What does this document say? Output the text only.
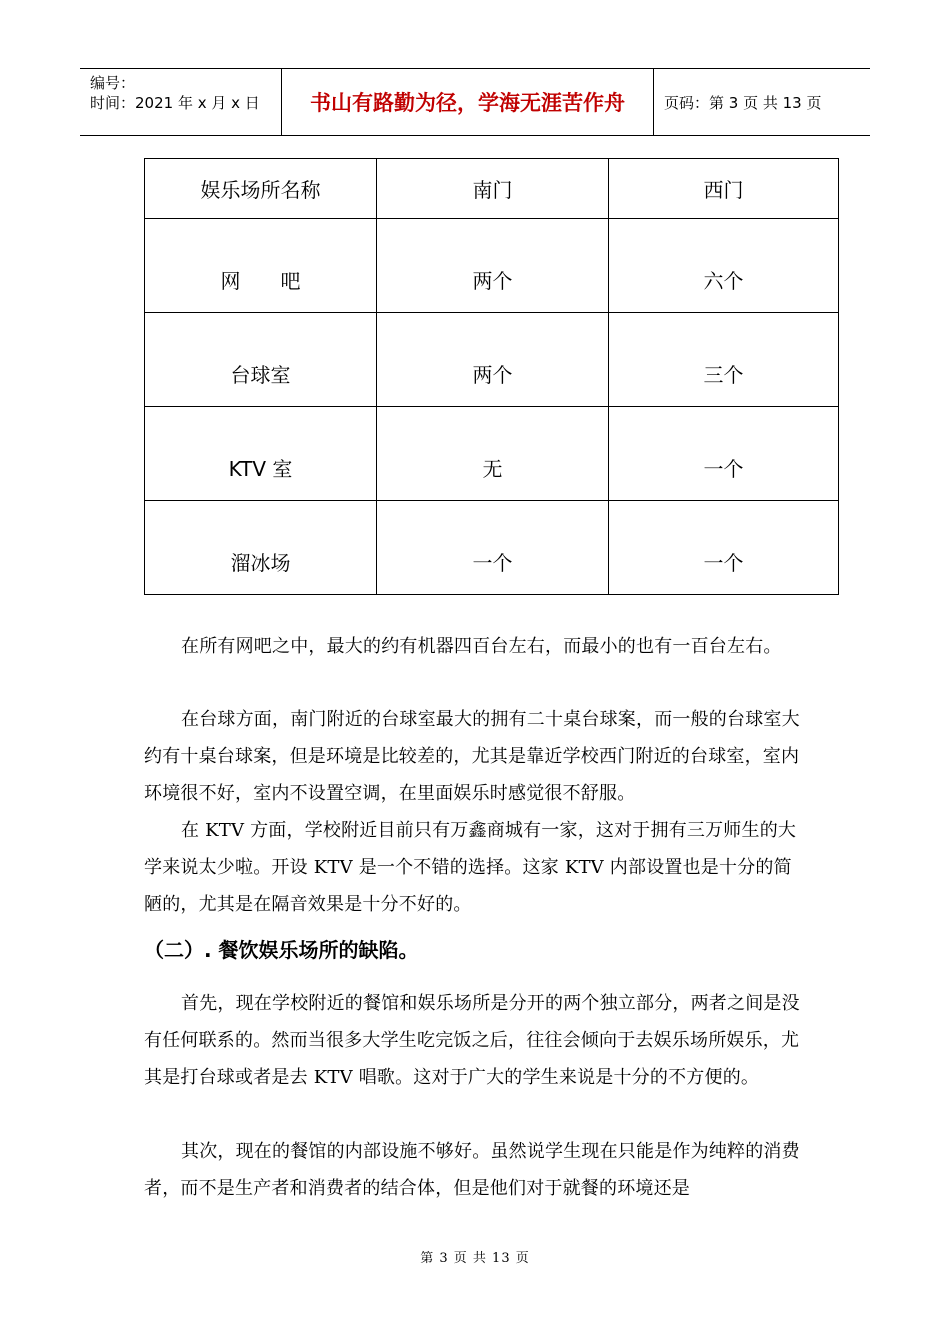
编号：
时间：2021 年 x 月 x 日	书山有路勤为径，学海无涯苦作舟	页码：第 3 页 共 13 页
娱乐场所名称	南门	西门
网　　吧	两个	六个
台球室	两个	三个
KTV 室	无	一个
溜冰场	一个	一个

在所有网吧之中，最大的约有机器四百台左右，而最小的也有一百台左右。

在台球方面，南门附近的台球室最大的拥有二十桌台球案，而一般的台球室大约有十桌台球案，但是环境是比较差的，尤其是靠近学校西门附近的台球室，室内环境很不好，室内不设置空调，在里面娱乐时感觉很不舒服。

在 KTV 方面，学校附近目前只有万鑫商城有一家，这对于拥有三万师生的大学来说太少啦。开设 KTV 是一个不错的选择。这家 KTV 内部设置也是十分的简陋的，尤其是在隔音效果是十分不好的。

（二）. 餐饮娱乐场所的缺陷。

首先，现在学校附近的餐馆和娱乐场所是分开的两个独立部分，两者之间是没有任何联系的。然而当很多大学生吃完饭之后，往往会倾向于去娱乐场所娱乐，尤其是打台球或者是去 KTV 唱歌。这对于广大的学生来说是十分的不方便的。

其次，现在的餐馆的内部设施不够好。虽然说学生现在只能是作为纯粹的消费者，而不是生产者和消费者的结合体，但是他们对于就餐的环境还是

第 3 页 共 13 页
